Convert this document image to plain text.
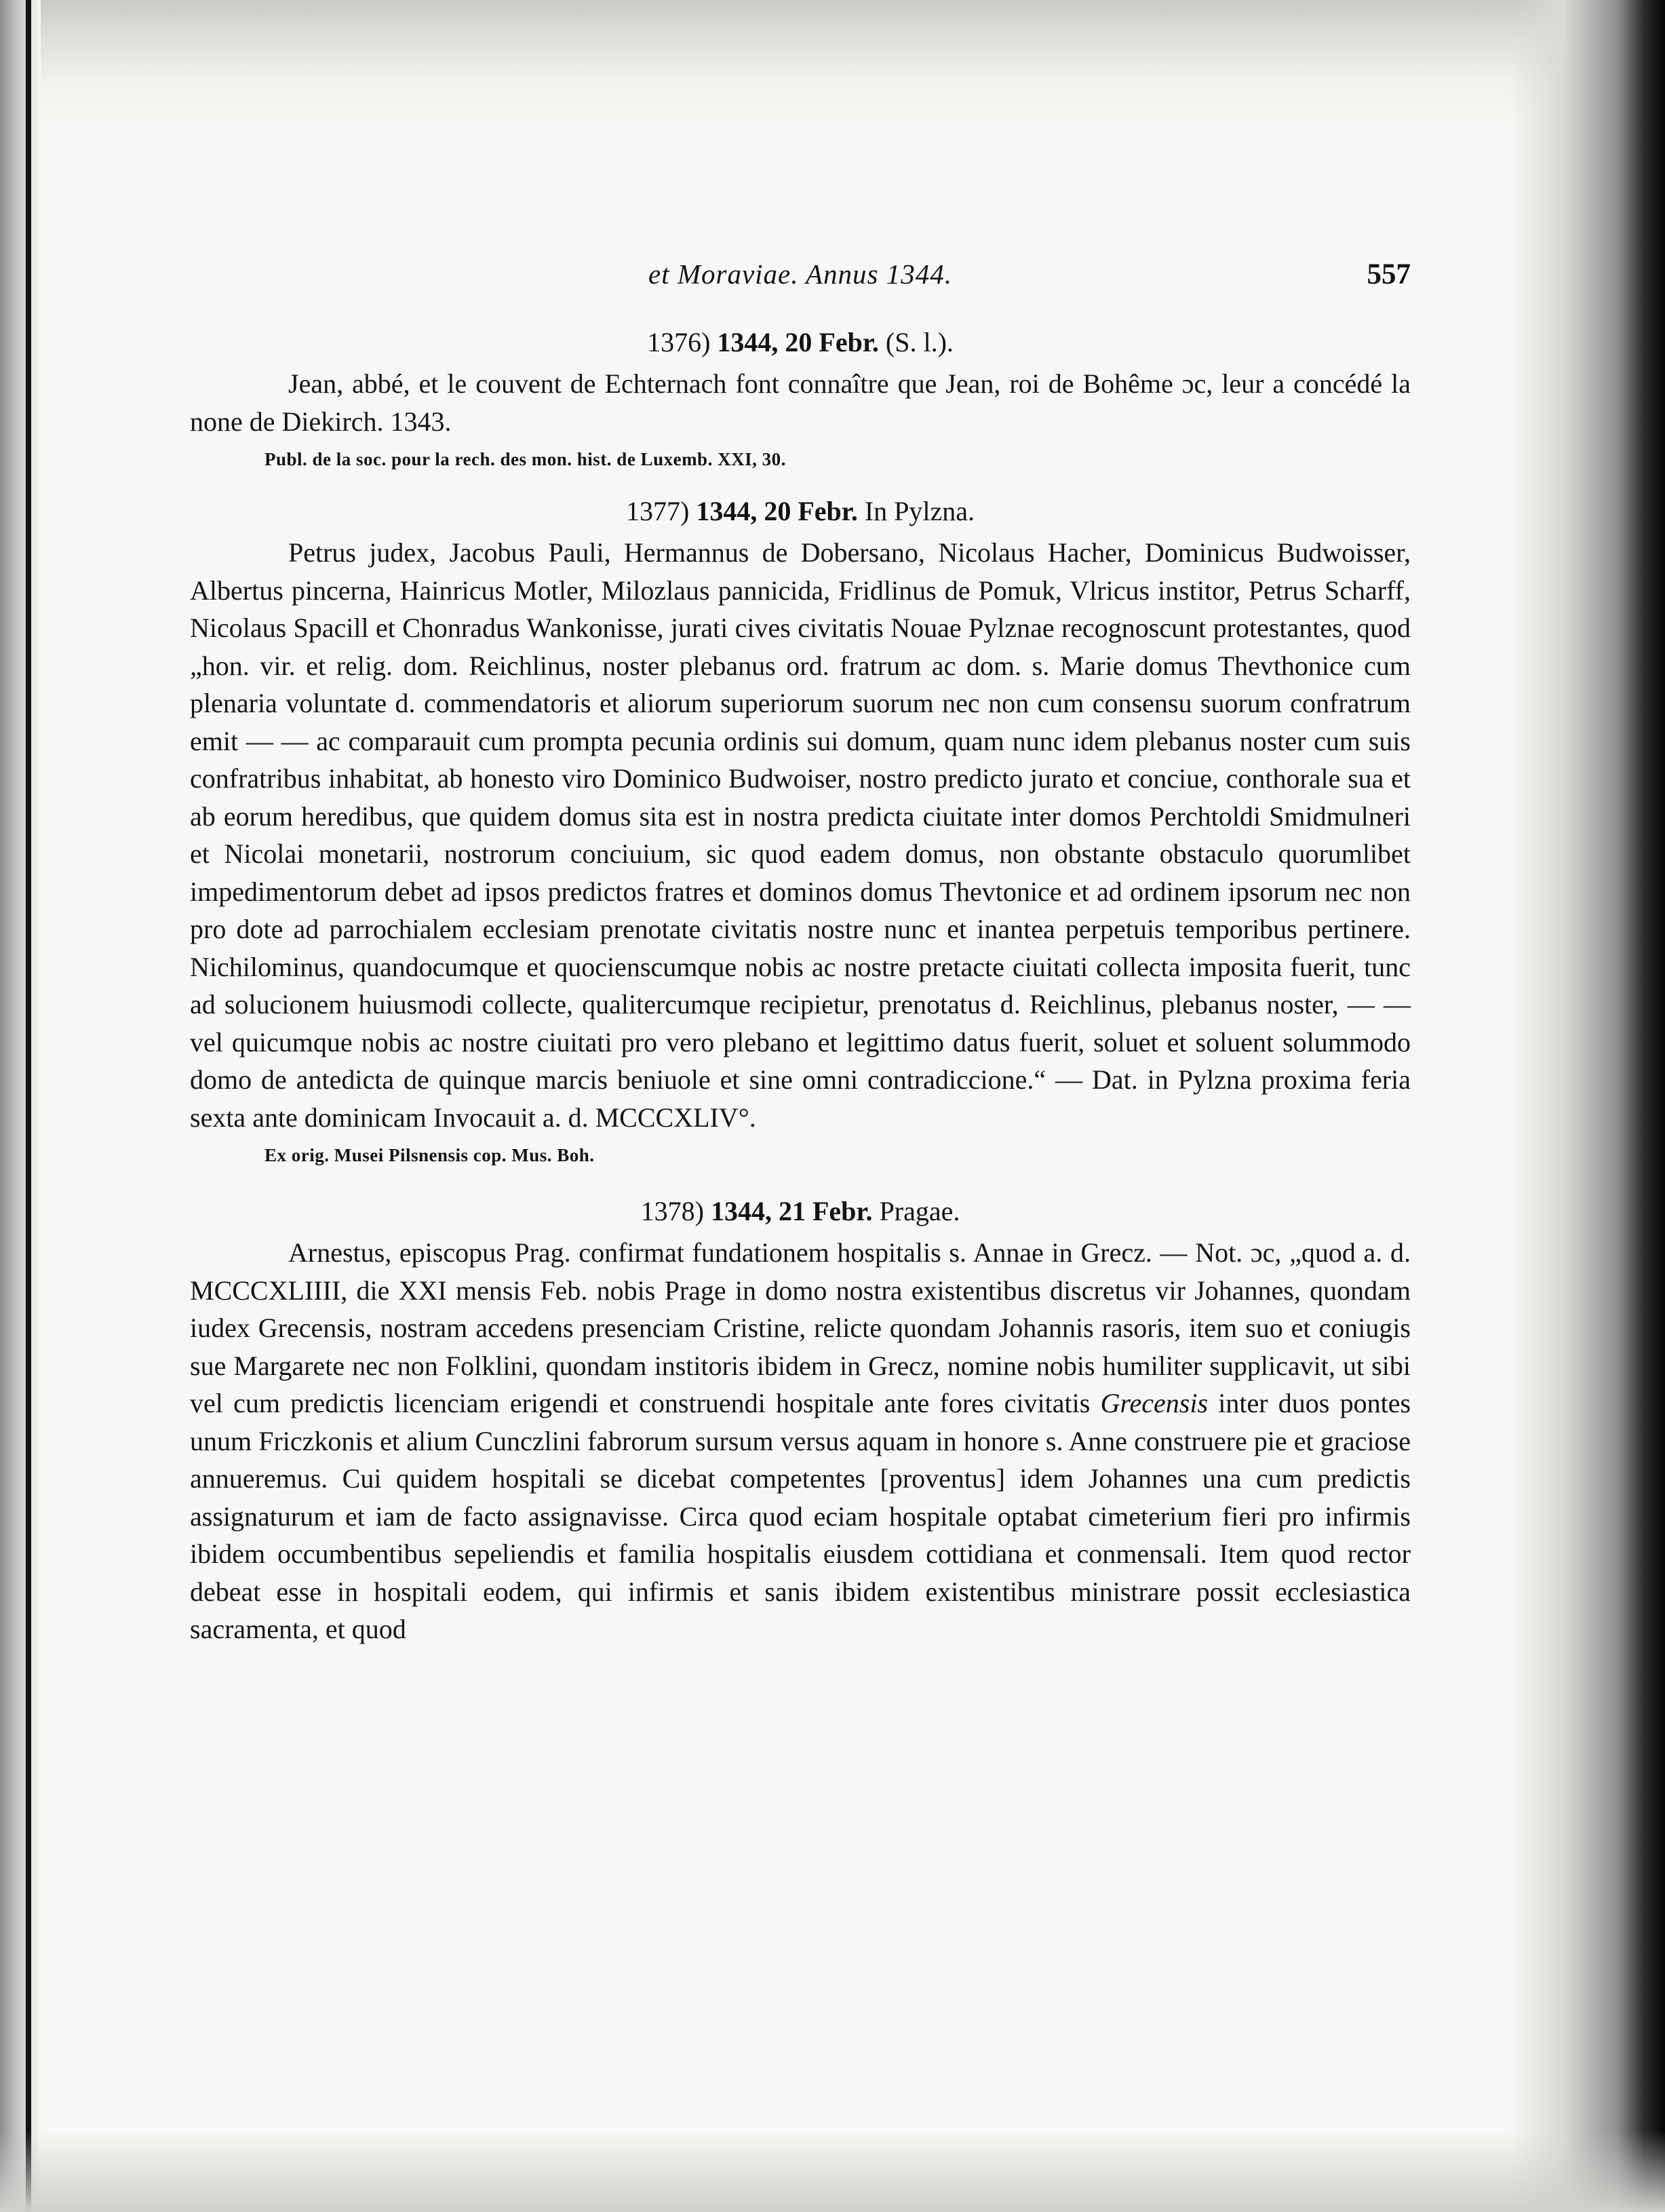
et Moraviae. Annus 1344.	557
1376) 1344, 20 Febr. (S. l.).

Jean, abbé, et le couvent de Echternach font connaître que Jean, roi de Bohême ɔc, leur a concédé la none de Diekirch. 1343.

Publ. de la soc. pour la rech. des mon. hist. de Luxemb. XXI, 30.
1377) 1344, 20 Febr. In Pylzna.

Petrus judex, Jacobus Pauli, Hermannus de Dobersano, Nicolaus Hacher, Dominicus Budwoisser, Albertus pincerna, Hainricus Motler, Milozlaus pannicida, Fridlinus de Pomuk, Vlricus institor, Petrus Scharff, Nicolaus Spacill et Chonradus Wankonisse, jurati cives civitatis Nouae Pylznae recognoscunt protestantes, quod „hon. vir. et relig. dom. Reichlinus, noster plebanus ord. fratrum ac dom. s. Marie domus Thevthonice cum plenaria voluntate d. commendatoris et aliorum superiorum suorum nec non cum consensu suorum confratrum emit — — ac comparauit cum prompta pecunia ordinis sui domum, quam nunc idem plebanus noster cum suis confratribus inhabitat, ab honesto viro Dominico Budwoiser, nostro predicto jurato et conciue, conthorale sua et ab eorum heredibus, que quidem domus sita est in nostra predicta ciuitate inter domos Perchtoldi Smidmulneri et Nicolai monetarii, nostrorum conciuium, sic quod eadem domus, non obstante obstaculo quorumlibet impedimentorum debet ad ipsos predictos fratres et dominos domus Thevtonice et ad ordinem ipsorum nec non pro dote ad parrochialem ecclesiam prenotate civitatis nostre nunc et inantea perpetuis temporibus pertinere. Nichilominus, quandocumque et quocienscumque nobis ac nostre pretacte ciuitati collecta imposita fuerit, tunc ad solucionem huiusmodi collecte, qualitercumque recipietur, prenotatus d. Reichlinus, plebanus noster, — — vel quicumque nobis ac nostre ciuitati pro vero plebano et legittimo datus fuerit, soluet et soluent solummodo domo de antedicta de quinque marcis beniuole et sine omni contradiccione.“ — Dat. in Pylzna proxima feria sexta ante dominicam Invocauit a. d. MCCCXLIV°.

Ex orig. Musei Pilsnensis cop. Mus. Boh.
1378) 1344, 21 Febr. Pragae.

Arnestus, episcopus Prag. confirmat fundationem hospitalis s. Annae in Grecz. — Not. ɔc, „quod a. d. MCCCXLIIII, die XXI mensis Feb. nobis Prage in domo nostra existentibus discretus vir Johannes, quondam iudex Grecensis, nostram accedens presenciam Cristine, relicte quondam Johannis rasoris, item suo et coniugis sue Margarete nec non Folklini, quondam institoris ibidem in Grecz, nomine nobis humiliter supplicavit, ut sibi vel cum predictis licenciam erigendi et construendi hospitale ante fores civitatis Grecensis inter duos pontes unum Friczkonis et alium Cunczlini fabrorum sursum versus aquam in honore s. Anne construere pie et graciose annueremus. Cui quidem hospitali se dicebat competentes [proventus] idem Johannes una cum predictis assignaturum et iam de facto assignavisse. Circa quod eciam hospitale optabat cimeterium fieri pro infirmis ibidem occumbentibus sepeliendis et familia hospitalis eiusdem cottidiana et conmensali. Item quod rector debeat esse in hospitali eodem, qui infirmis et sanis ibidem existentibus ministrare possit ecclesiastica sacramenta, et quod
